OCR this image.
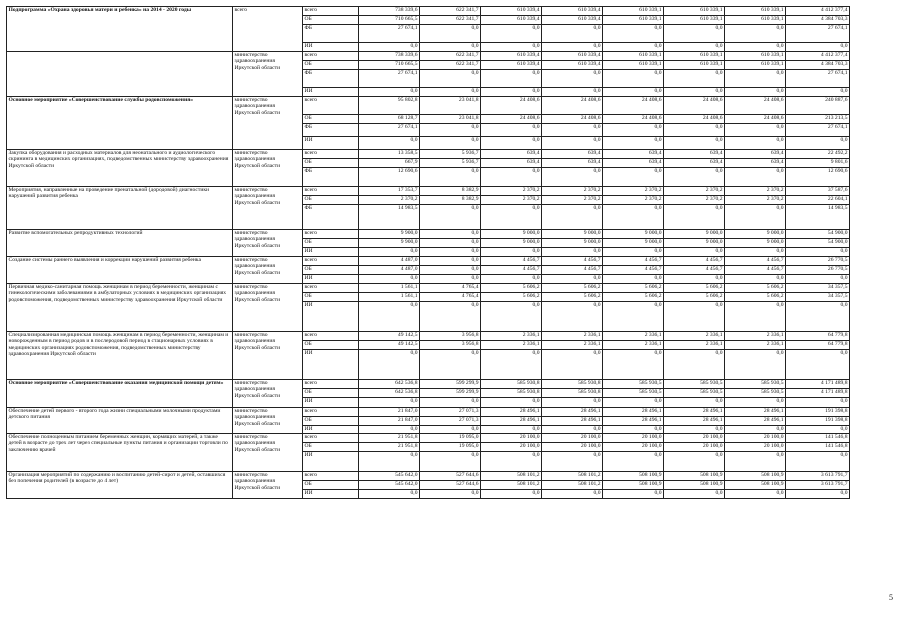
Подпрограмма «Охрана здоровья матери и ребенка» на 2014 - 2020 годы	всего	всего	738 339,6	622 341,7	610 339,4	610 339,4	610 339,1	610 339,1	610 339,1	4 412 377,4
		ОБ	710 665,5	622 341,7	610 339,4	610 339,4	610 339,1	610 339,1	610 339,1	4 384 703,3
		ФБ	27 674,1	0,0	0,0	0,0	0,0	0,0	0,0	27 674,1
		ИИ	0,0	0,0	0,0	0,0	0,0	0,0	0,0	0,0
	министерство здравоохранения Иркутской области	всего	738 339,6	622 341,7	610 339,4	610 339,4	610 339,1	610 339,1	610 339,1	4 412 377,4
		ОБ	710 665,5	622 341,7	610 339,4	610 339,4	610 339,1	610 339,1	610 339,1	4 384 703,3
		ФБ	27 674,1	0,0	0,0	0,0	0,0	0,0	0,0	27 674,1
		ИИ	0,0	0,0	0,0	0,0	0,0	0,0	0,0	0,0
Основное мероприятие «Совершенствование службы родовспоможения»	министерство здравоохранения Иркутской области	всего	95 802,8	23 041,8	24 408,6	24 408,6	24 408,6	24 408,6	24 408,6	240 887,6
		ОБ	68 128,7	23 041,8	24 408,6	24 408,6	24 408,6	24 408,6	24 408,6	213 213,5
		ФБ	27 674,1	0,0	0,0	0,0	0,0	0,0	0,0	27 674,1
		ИИ	0,0	0,0	0,0	0,0	0,0	0,0	0,0	0,0
Закупка оборудования и расходных материалов для неонатального и аудиологического скрининга в медицинских организациях, подведомственных министерству здравоохранения Иркутской области	министерство здравоохранения Иркутской области	всего	13 358,5	5 936,7	639,4	639,4	639,4	639,4	639,4	22 492,2
		ОБ	667,9	5 936,7	639,4	639,4	639,4	639,4	639,4	9 801,6
		ФБ	12 690,6	0,0	0,0	0,0	0,0	0,0	0,0	12 690,6
Мероприятия, направленные на проведение пренатальной (дородовой) диагностики нарушений развития ребенка	министерство здравоохранения Иркутской области	всего	17 353,7	8 382,9	2 370,2	2 370,2	2 370,2	2 370,2	2 370,2	37 587,6
		ОБ	2 370,2	8 382,9	2 370,2	2 370,2	2 370,2	2 370,2	2 370,2	22 604,1
		ФБ	14 983,5	0,0	0,0	0,0	0,0	0,0	0,0	14 983,5
Развитие вспомогательных репродуктивных технологий	министерство здравоохранения Иркутской области	всего	9 900,0	0,0	9 000,0	9 000,0	9 000,0	9 000,0	9 000,0	54 900,0
		ОБ	9 900,0	0,0	9 000,0	9 000,0	9 000,0	9 000,0	9 000,0	54 900,0
		ИИ	0,0	0,0	0,0	0,0	0,0	0,0	0,0	0,0
Создание системы раннего выявления и коррекции нарушений развития ребенка	министерство здравоохранения Иркутской области	всего	4 487,0	0,0	4 456,7	4 456,7	4 456,7	4 456,7	4 456,7	26 770,5
		ОБ	4 487,0	0,0	4 456,7	4 456,7	4 456,7	4 456,7	4 456,7	26 770,5
		ИИ	0,0	0,0	0,0	0,0	0,0	0,0	0,0	0,0
Первичная медико-санитарная помощь женщинам в период беременности, женщинам с гинекологическими заболеваниями в амбулаторных условиях в медицинских организациях родовспоможения, подведомственных министерству здравоохранения Иркутской области	министерство здравоохранения Иркутской области	всего	1 561,1	4 765,4	5 606,2	5 606,2	5 606,2	5 606,2	5 606,2	34 357,5
		ОБ	1 561,1	4 765,4	5 606,2	5 606,2	5 606,2	5 606,2	5 606,2	34 357,5
		ИИ	0,0	0,0	0,0	0,0	0,0	0,0	0,0	0,0
Специализированная медицинская помощь женщинам в период беременности, женщинам и новорожденным в период родов и в послеродовой период в стационарных условиях в медицинских организациях родовспоможения, подведомственных министерству здравоохранения Иркутской области	министерство здравоохранения Иркутской области	всего	49 142,5	3 956,8	2 336,1	2 336,1	2 336,1	2 336,1	2 336,1	64 779,8
		ОБ	49 142,5	3 956,8	2 336,1	2 336,1	2 336,1	2 336,1	2 336,1	64 779,8
		ИИ	0,0	0,0	0,0	0,0	0,0	0,0	0,0	0,0
Основное мероприятие «Совершенствование оказания медицинской помощи детям»	министерство здравоохранения Иркутской области	всего	642 536,8	599 299,9	585 930,8	585 930,8	585 930,5	585 930,5	585 930,5	4 171 489,8
		ОБ	642 536,8	599 299,9	585 930,8	585 930,8	585 930,5	585 930,5	585 930,5	4 171 489,8
		ИИ	0,0	0,0	0,0	0,0	0,0	0,0	0,0	0,0
Обеспечение детей первого - второго года жизни специальными молочными продуктами детского питания	министерство здравоохранения Иркутской области	всего	21 847,0	27 071,3	28 496,1	28 496,1	28 496,1	28 496,1	28 496,1	191 398,8
		ОБ	21 847,0	27 071,3	28 496,1	28 496,1	28 496,1	28 496,1	28 496,1	191 398,8
		ИИ	0,0	0,0	0,0	0,0	0,0	0,0	0,0	0,0
Обеспечение полноценным питанием беременных женщин, кормящих матерей, а также детей в возрасте до трех лет через специальные пункты питания и организации торговли по заключению врачей	министерство здравоохранения Иркутской области	всего	21 951,8	19 095,0	20 100,0	20 100,0	20 100,0	20 100,0	20 100,0	141 546,8
		ОБ	21 951,8	19 095,0	20 100,0	20 100,0	20 100,0	20 100,0	20 100,0	141 546,8
		ИИ	0,0	0,0	0,0	0,0	0,0	0,0	0,0	0,0
Организация мероприятий по содержанию и воспитанию детей-сирот и детей, оставшихся без попечения родителей (в возрасте до 4 лет)	министерство здравоохранения Иркутской области	всего	545 642,0	527 644,6	508 101,2	508 101,2	508 100,9	508 100,9	508 100,9	3 613 791,7
		ОБ	545 642,0	527 644,6	508 101,2	508 101,2	508 100,9	508 100,9	508 100,9	3 613 791,7
		ИИ	0,0	0,0	0,0	0,0	0,0	0,0	0,0	0,0
5
